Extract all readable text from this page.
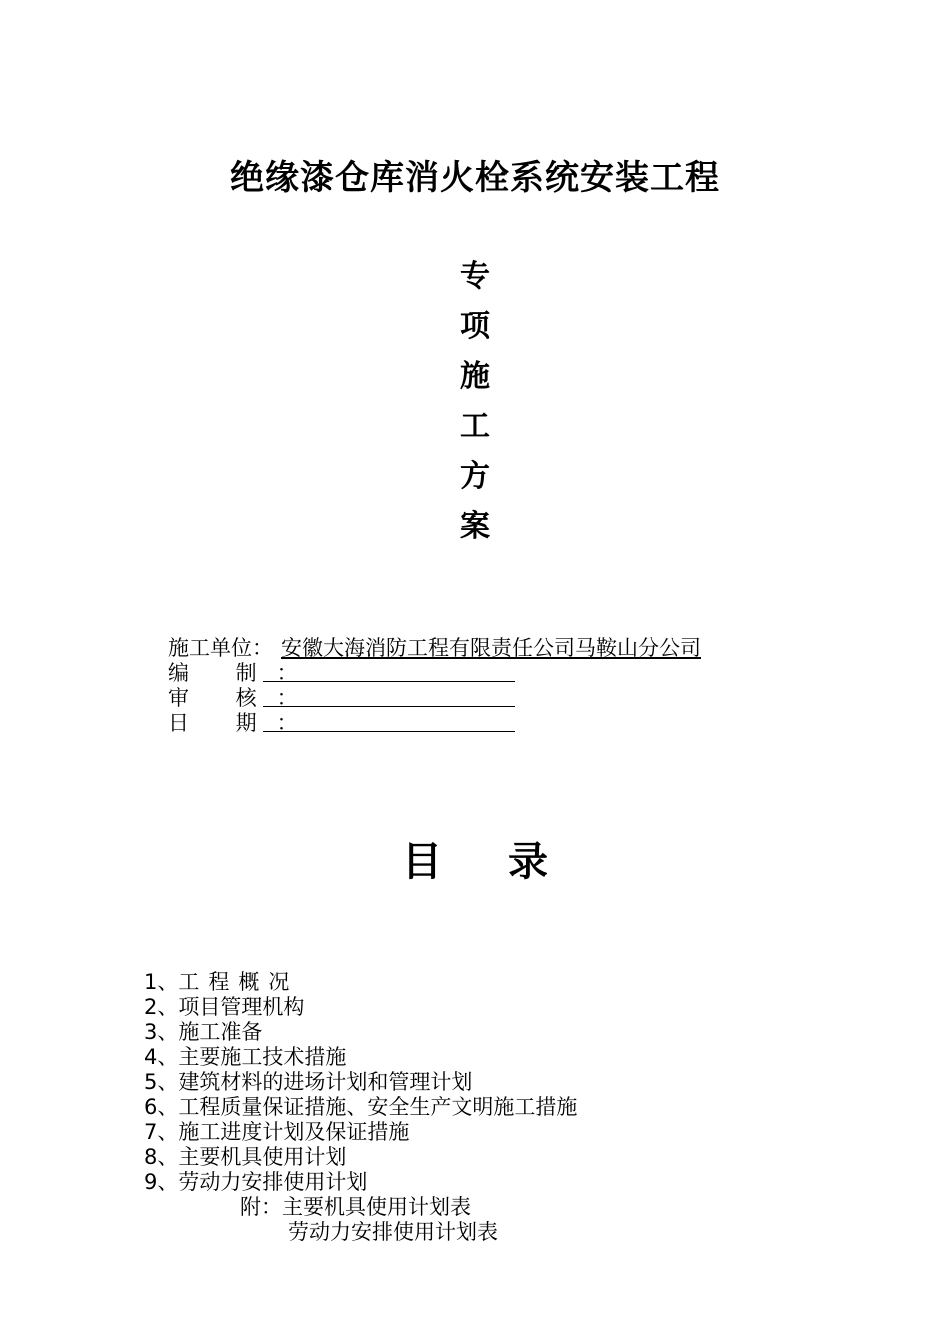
绝缘漆仓库消火栓系统安装工程
专
项
施
工
方
案
施工单位： 安徽大海消防工程有限责任公司马鞍山分公司
编 制：
审 核：
日 期：
目 录
1、工程概况
2、项目管理机构
3、施工准备
4、主要施工技术措施
5、建筑材料的进场计划和管理计划
6、工程质量保证措施、安全生产文明施工措施
7、施工进度计划及保证措施
8、主要机具使用计划
9、劳动力安排使用计划
附：主要机具使用计划表
劳动力安排使用计划表
